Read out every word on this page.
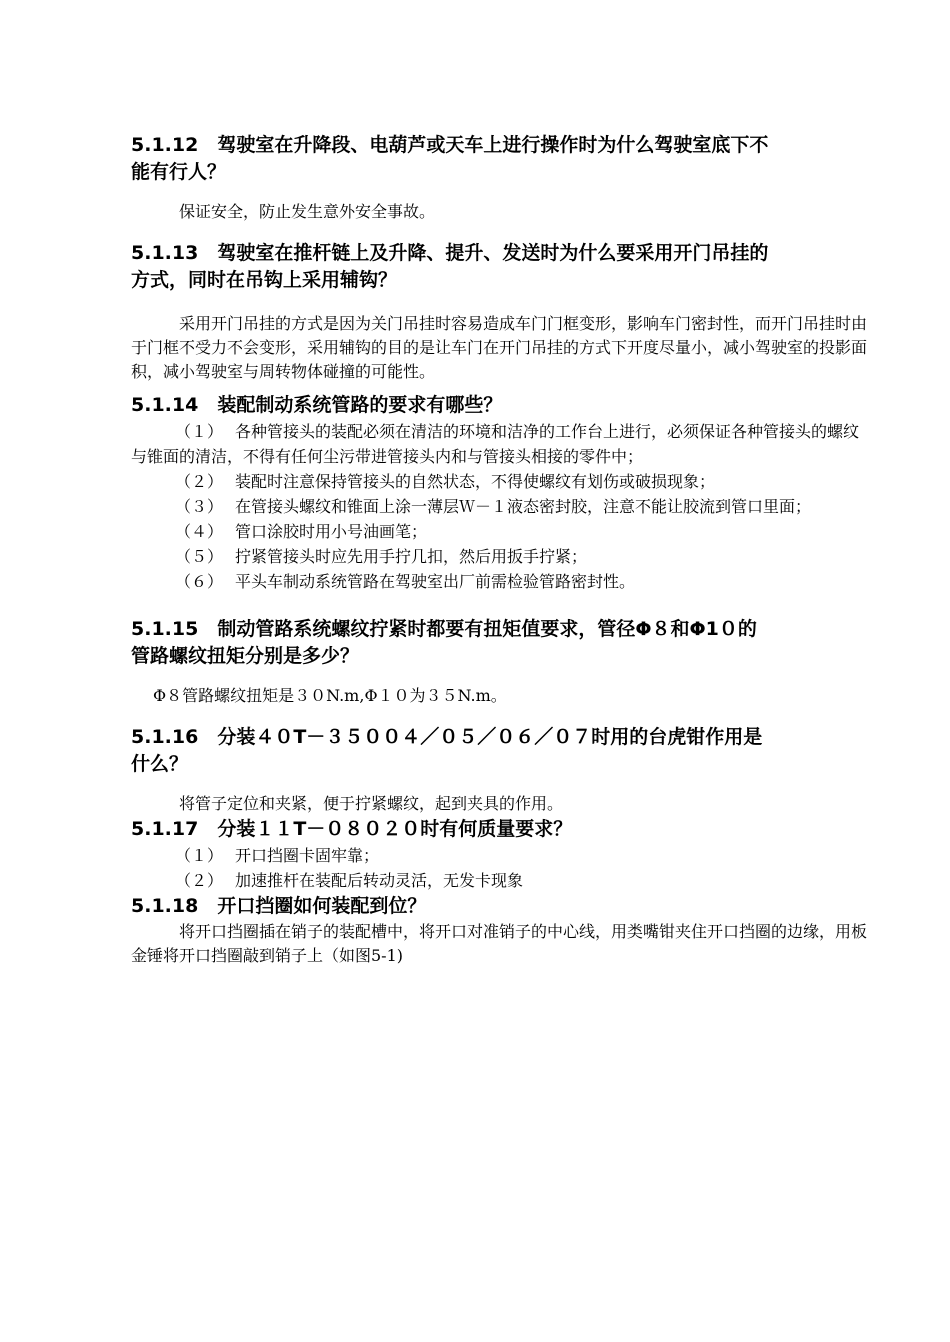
5.1.12　驾驶室在升降段、电葫芦或天车上进行操作时为什么驾驶室底下不
能有行人？

保证安全，防止发生意外安全事故。

5.1.13　驾驶室在推杆链上及升降、提升、发送时为什么要采用开门吊挂的
方式，同时在吊钩上采用辅钩？

采用开门吊挂的方式是因为关门吊挂时容易造成车门门框变形，影响车门密封性，而开门吊挂时由于门框不受力不会变形，采用辅钩的目的是让车门在开门吊挂的方式下开度尽量小，减小驾驶室的投影面积，减小驾驶室与周转物体碰撞的可能性。

5.1.14　装配制动系统管路的要求有哪些？

（１） 各种管接头的装配必须在清洁的环境和洁净的工作台上进行，必须保证各种管接头的螺纹与锥面的清洁，不得有任何尘污带进管接头内和与管接头相接的零件中；

（２） 装配时注意保持管接头的自然状态，不得使螺纹有划伤或破损现象；

（３） 在管接头螺纹和锥面上涂一薄层Ｗ－１液态密封胶，注意不能让胶流到管口里面；

（４） 管口涂胶时用小号油画笔；

（５） 拧紧管接头时应先用手拧几扣，然后用扳手拧紧；

（６） 平头车制动系统管路在驾驶室出厂前需检验管路密封性。

5.1.15　制动管路系统螺纹拧紧时都要有扭矩值要求，管径Φ８和Φ1０的
管路螺纹扭矩分别是多少？

Φ８管路螺纹扭矩是３０N.m,Φ１０为３５N.m。

5.1.16　分装４０T－３５００４／０５／０６／０７时用的台虎钳作用是
什么？

将管子定位和夹紧，便于拧紧螺纹，起到夹具的作用。

5.1.17　分装１１T－０８０２０时有何质量要求？

（１） 开口挡圈卡固牢靠；

（２） 加速推杆在装配后转动灵活，无发卡现象

5.1.18　开口挡圈如何装配到位？

将开口挡圈插在销子的装配槽中，将开口对准销子的中心线，用类嘴钳夹住开口挡圈的边缘，用板金锤将开口挡圈敲到销子上（如图5-1)
